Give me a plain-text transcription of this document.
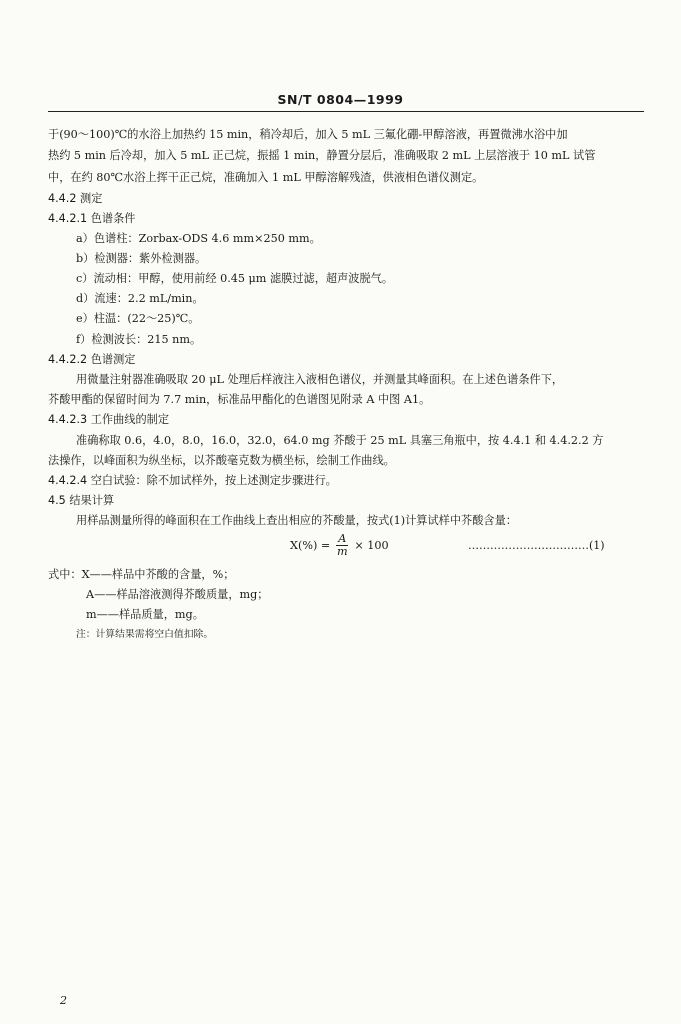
SN/T 0804—1999
于(90～100)℃的水浴上加热约 15 min，稍冷却后，加入 5 mL 三氟化硼-甲醇溶液，再置微沸水浴中加
热约 5 min 后冷却，加入 5 mL 正己烷，振摇 1 min，静置分层后，准确吸取 2 mL 上层溶液于 10 mL 试管
中，在约 80℃水浴上挥干正己烷，准确加入 1 mL 甲醇溶解残渣，供液相色谱仪测定。
4.4.2 测定
4.4.2.1 色谱条件
a）色谱柱：Zorbax-ODS 4.6 mm×250 mm。
b）检测器：紫外检测器。
c）流动相：甲醇，使用前经 0.45 μm 滤膜过滤，超声波脱气。
d）流速：2.2 mL/min。
e）柱温：(22～25)℃。
f）检测波长：215 nm。
4.4.2.2 色谱测定
用微量注射器准确吸取 20 μL 处理后样液注入液相色谱仪，并测量其峰面积。在上述色谱条件下，
芥酸甲酯的保留时间为 7.7 min，标准品甲酯化的色谱图见附录 A 中图 A1。
4.4.2.3 工作曲线的制定
准确称取 0.6，4.0，8.0，16.0，32.0，64.0 mg 芥酸于 25 mL 具塞三角瓶中，按 4.4.1 和 4.4.2.2 方
法操作，以峰面积为纵坐标，以芥酸毫克数为横坐标，绘制工作曲线。
4.4.2.4 空白试验：除不加试样外，按上述测定步骤进行。
4.5 结果计算
用样品测量所得的峰面积在工作曲线上查出相应的芥酸量，按式(1)计算试样中芥酸含量：
$X(\%) = \frac{A}{m} \times 100$	……………………………(1)
式中：X——样品中芥酸的含量，%；
A——样品溶液测得芥酸质量，mg；
m——样品质量，mg。
注：计算结果需将空白值扣除。
2
